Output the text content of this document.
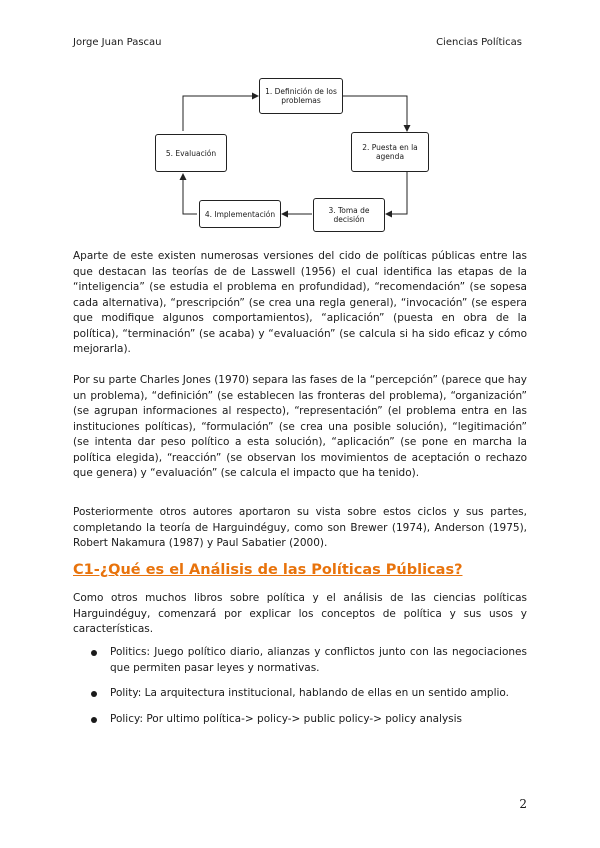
Jorge Juan Pascau	Ciencias Políticas
1. Definición de los problemas
2. Puesta en la agenda
3. Toma de decisión
4. Implementación
5. Evaluación

Aparte de este existen numerosas versiones del cido de políticas públicas entre las que destacan las teorías de de Lasswell (1956) el cual identifica las etapas de la “inteligencia” (se estudia el problema en profundidad), “recomendación” (se sopesa cada alternativa), “prescripción” (se crea una regla general), “invocación” (se espera que modifique algunos comportamientos), “aplicación” (puesta en obra de la política), “terminación” (se acaba) y “evaluación” (se calcula si ha sido eficaz y cómo mejorarla).

Por su parte Charles Jones (1970) separa las fases de la “percepción” (parece que hay un problema), “definición” (se establecen las fronteras del problema), “organización” (se agrupan informaciones al respecto), “representación” (el problema entra en las instituciones políticas), “formulación” (se crea una posible solución), “legitimación” (se intenta dar peso político a esta solución), “aplicación” (se pone en marcha la política elegida), “reacción” (se observan los movimientos de aceptación o rechazo que genera) y “evaluación” (se calcula el impacto que ha tenido).

Posteriormente otros autores aportaron su vista sobre estos ciclos y sus partes, completando la teoría de Harguindéguy, como son Brewer (1974), Anderson (1975), Robert Nakamura (1987) y Paul Sabatier (2000).

C1-¿Qué es el Análisis de las Políticas Públicas?

Como otros muchos libros sobre política y el análisis de las ciencias políticas Harguindéguy, comenzará por explicar los conceptos de política y sus usos y características.

Politics: Juego político diario, alianzas y conflictos junto con las negociaciones que permiten pasar leyes y normativas.
Polity: La arquitectura institucional, hablando de ellas en un sentido amplio.
Policy: Por ultimo política-> policy-> public policy-> policy analysis
2
